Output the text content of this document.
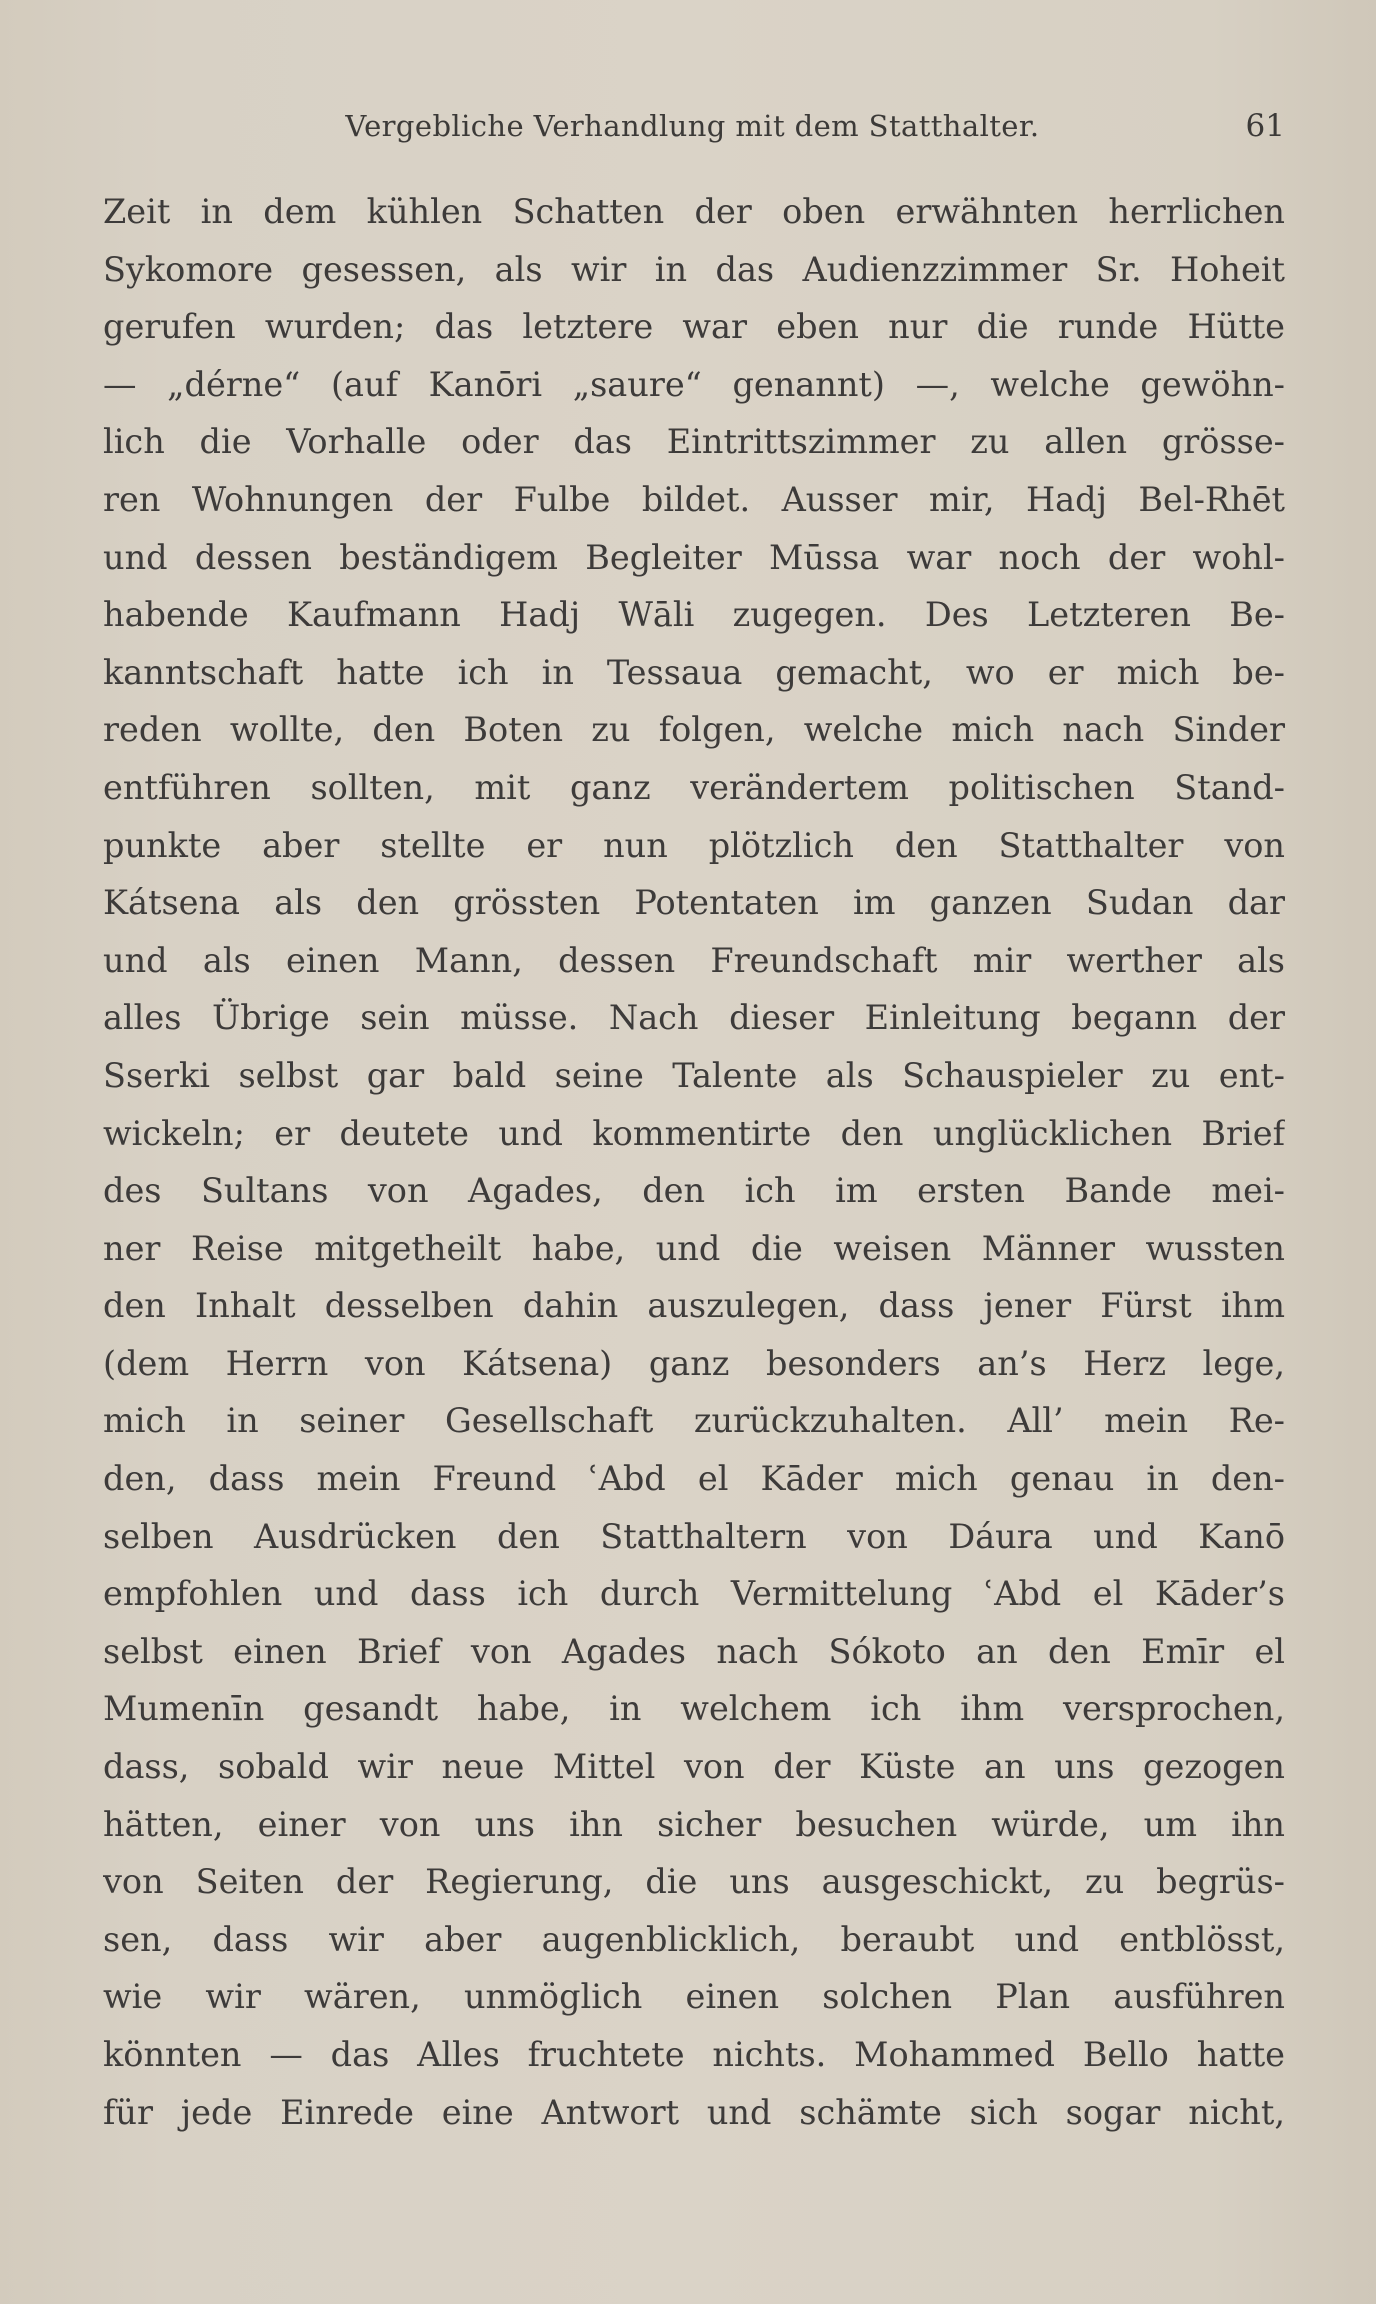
Vergebliche Verhandlung mit dem Statthalter.	61
Zeit in dem kühlen Schatten der oben erwähnten herrlichen
Sykomore gesessen, als wir in das Audienzzimmer Sr. Hoheit
gerufen wurden; das letztere war eben nur die runde Hütte
— „dérne“ (auf Kanōri „saure“ genannt) —, welche gewöhn-
lich die Vorhalle oder das Eintrittszimmer zu allen grösse-
ren Wohnungen der Fulbe bildet. Ausser mir, Hadj Bel-Rhēt
und dessen beständigem Begleiter Mūssa war noch der wohl-
habende Kaufmann Hadj Wāli zugegen. Des Letzteren Be-
kanntschaft hatte ich in Tessaua gemacht, wo er mich be-
reden wollte, den Boten zu folgen, welche mich nach Sinder
entführen sollten, mit ganz verändertem politischen Stand-
punkte aber stellte er nun plötzlich den Statthalter von
Kátsena als den grössten Potentaten im ganzen Sudan dar
und als einen Mann, dessen Freundschaft mir werther als
alles Übrige sein müsse. Nach dieser Einleitung begann der
Sserki selbst gar bald seine Talente als Schauspieler zu ent-
wickeln; er deutete und kommentirte den unglücklichen Brief
des Sultans von Agades, den ich im ersten Bande mei-
ner Reise mitgetheilt habe, und die weisen Männer wussten
den Inhalt desselben dahin auszulegen, dass jener Fürst ihm
(dem Herrn von Kátsena) ganz besonders an’s Herz lege,
mich in seiner Gesellschaft zurückzuhalten. All’ mein Re-
den, dass mein Freund ʿAbd el Kāder mich genau in den-
selben Ausdrücken den Statthaltern von Dáura und Kanō
empfohlen und dass ich durch Vermittelung ʿAbd el Kāder’s
selbst einen Brief von Agades nach Sókoto an den Emīr el
Mumenīn gesandt habe, in welchem ich ihm versprochen,
dass, sobald wir neue Mittel von der Küste an uns gezogen
hätten, einer von uns ihn sicher besuchen würde, um ihn
von Seiten der Regierung, die uns ausgeschickt, zu begrüs-
sen, dass wir aber augenblicklich, beraubt und entblösst,
wie wir wären, unmöglich einen solchen Plan ausführen
könnten — das Alles fruchtete nichts. Mohammed Bello hatte
für jede Einrede eine Antwort und schämte sich sogar nicht,
